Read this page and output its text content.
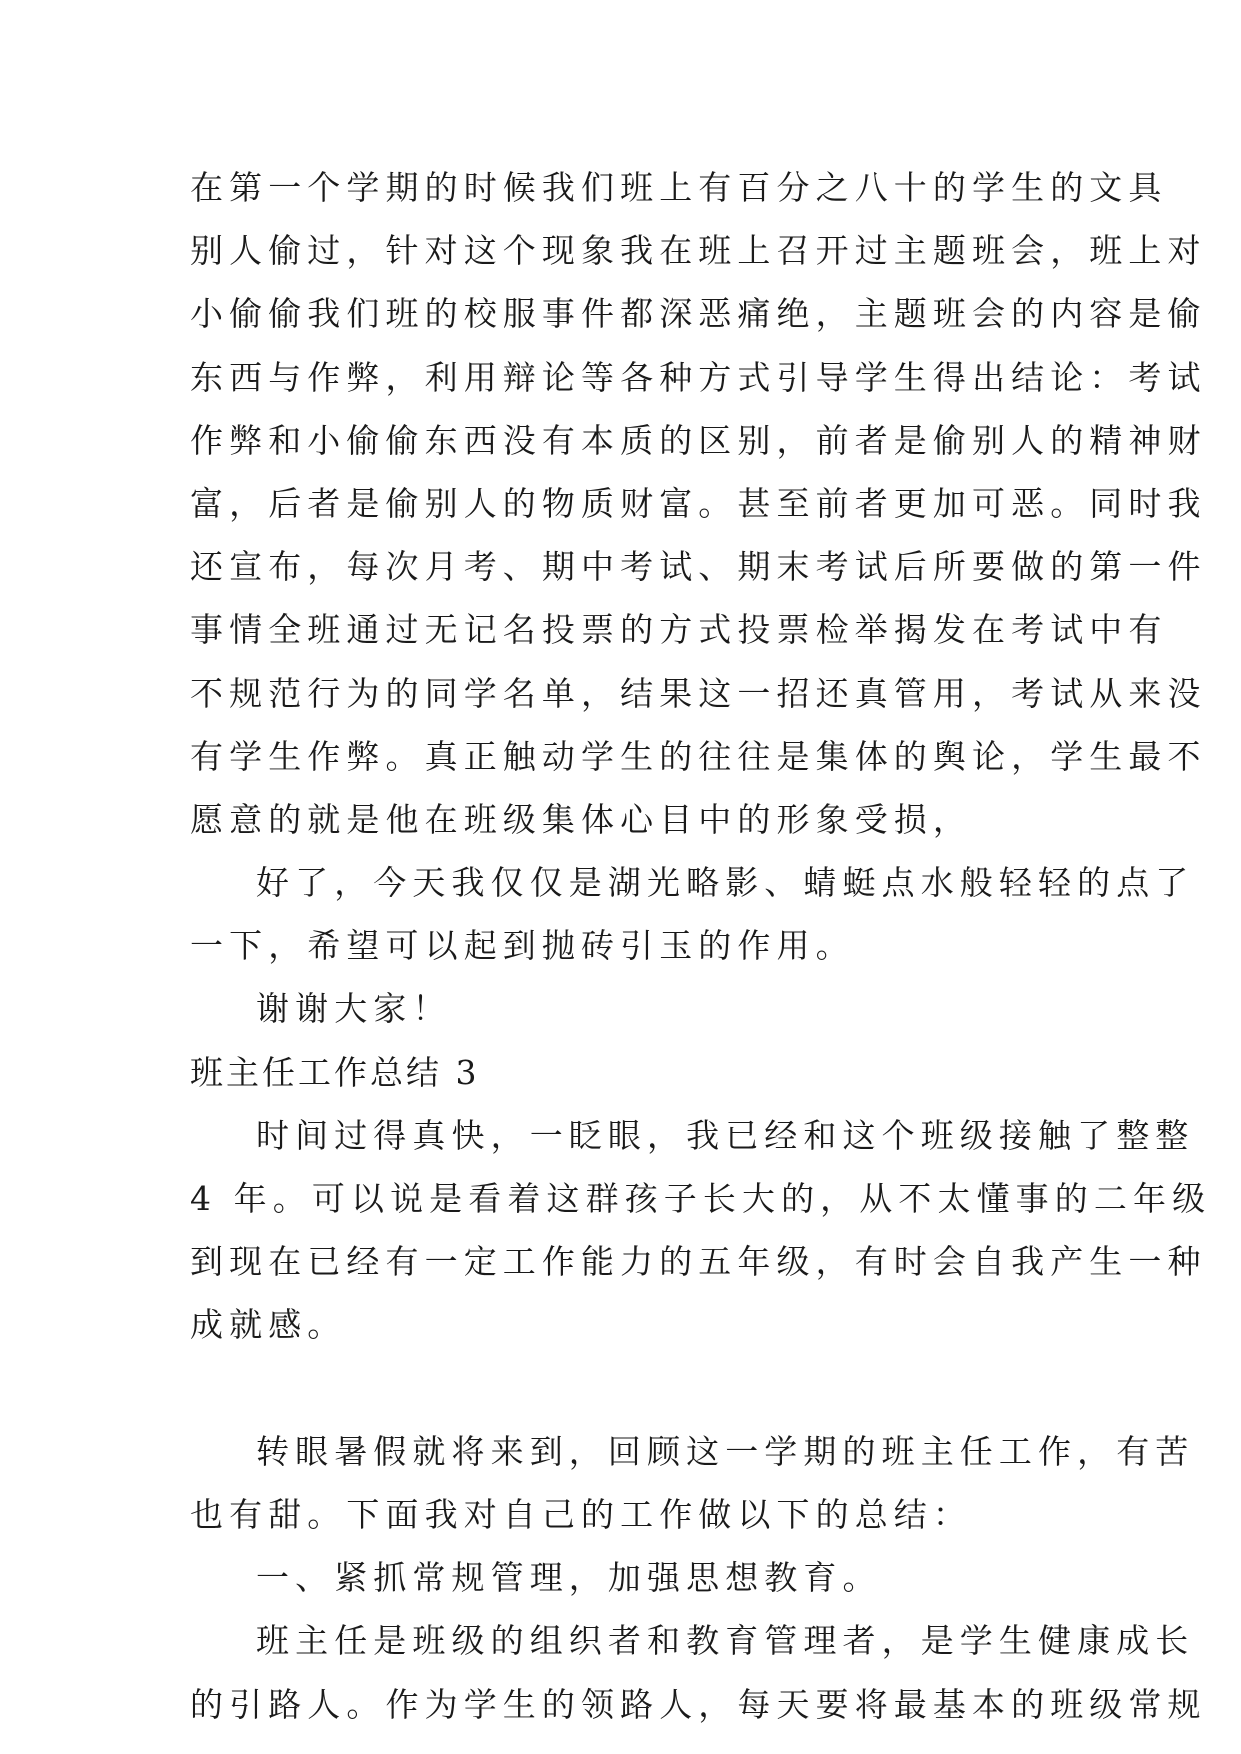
在第一个学期的时候我们班上有百分之八十的学生的文具
别人偷过，针对这个现象我在班上召开过主题班会，班上对
小偷偷我们班的校服事件都深恶痛绝，主题班会的内容是偷
东西与作弊，利用辩论等各种方式引导学生得出结论：考试
作弊和小偷偷东西没有本质的区别，前者是偷别人的精神财
富，后者是偷别人的物质财富。甚至前者更加可恶。同时我
还宣布，每次月考、期中考试、期末考试后所要做的第一件
事情全班通过无记名投票的方式投票检举揭发在考试中有
不规范行为的同学名单，结果这一招还真管用，考试从来没
有学生作弊。真正触动学生的往往是集体的舆论，学生最不
愿意的就是他在班级集体心目中的形象受损，
好了，今天我仅仅是湖光略影、蜻蜓点水般轻轻的点了
一下，希望可以起到抛砖引玉的作用。
谢谢大家！
班主任工作总结 3
时间过得真快，一眨眼，我已经和这个班级接触了整整
4 年。可以说是看着这群孩子长大的，从不太懂事的二年级
到现在已经有一定工作能力的五年级，有时会自我产生一种
成就感。
转眼暑假就将来到，回顾这一学期的班主任工作，有苦
也有甜。下面我对自己的工作做以下的总结：
一、紧抓常规管理，加强思想教育。
班主任是班级的组织者和教育管理者，是学生健康成长
的引路人。作为学生的领路人，每天要将最基本的班级常规
